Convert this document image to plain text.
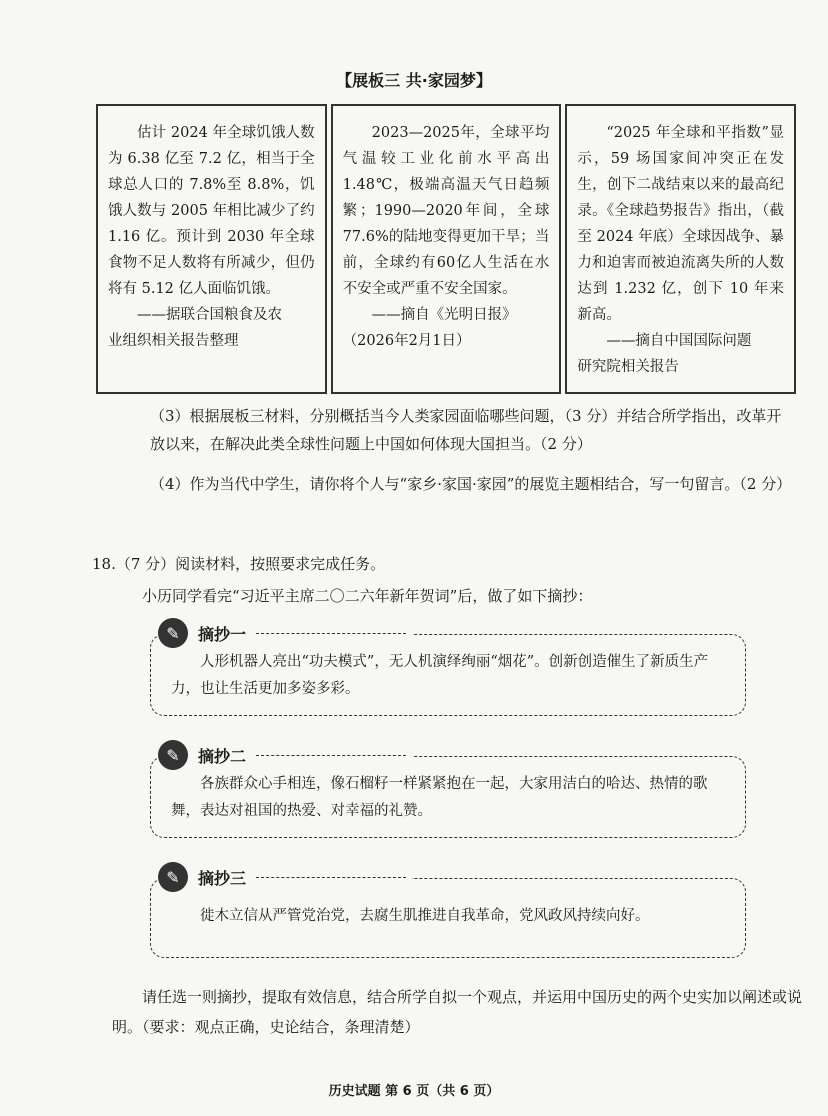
【展板三 共·家园梦】
估计 2024 年全球饥饿人数为 6.38 亿至 7.2 亿，相当于全球总人口的 7.8%至 8.8%，饥饿人数与 2005 年相比减少了约 1.16 亿。预计到 2030 年全球食物不足人数将有所减少，但仍将有 5.12 亿人面临饥饿。
——据联合国粮食及农
业组织相关报告整理
2023—2025年，全球平均气温较工业化前水平高出1.48℃，极端高温天气日趋频繁；1990—2020年间，全球77.6%的陆地变得更加干旱；当前，全球约有60亿人生活在水不安全或严重不安全国家。
——摘自《光明日报》
（2026年2月1日）
“2025 年全球和平指数”显示，59 场国家间冲突正在发生，创下二战结束以来的最高纪录。《全球趋势报告》指出，（截至 2024 年底）全球因战争、暴力和迫害而被迫流离失所的人数达到 1.232 亿，创下 10 年来新高。
——摘自中国国际问题
研究院相关报告
（3）根据展板三材料，分别概括当今人类家园面临哪些问题，（3 分）并结合所学指出，改革开放以来，在解决此类全球性问题上中国如何体现大国担当。（2 分）
（4）作为当代中学生，请你将个人与“家乡·家国·家园”的展览主题相结合，写一句留言。（2 分）
18.（7 分）阅读材料，按照要求完成任务。
小历同学看完“习近平主席二〇二六年新年贺词”后，做了如下摘抄：
人形机器人亮出“功夫模式”，无人机演绎绚丽“烟花”。创新创造催生了新质生产力，也让生活更加多姿多彩。
✎	摘抄一
各族群众心手相连，像石榴籽一样紧紧抱在一起，大家用洁白的哈达、热情的歌舞，表达对祖国的热爱、对幸福的礼赞。
✎	摘抄二
徙木立信从严管党治党，去腐生肌推进自我革命，党风政风持续向好。
✎	摘抄三
请任选一则摘抄，提取有效信息，结合所学自拟一个观点，并运用中国历史的两个史实加以阐述或说明。（要求：观点正确，史论结合，条理清楚）
历史试题 第 6 页（共 6 页）
